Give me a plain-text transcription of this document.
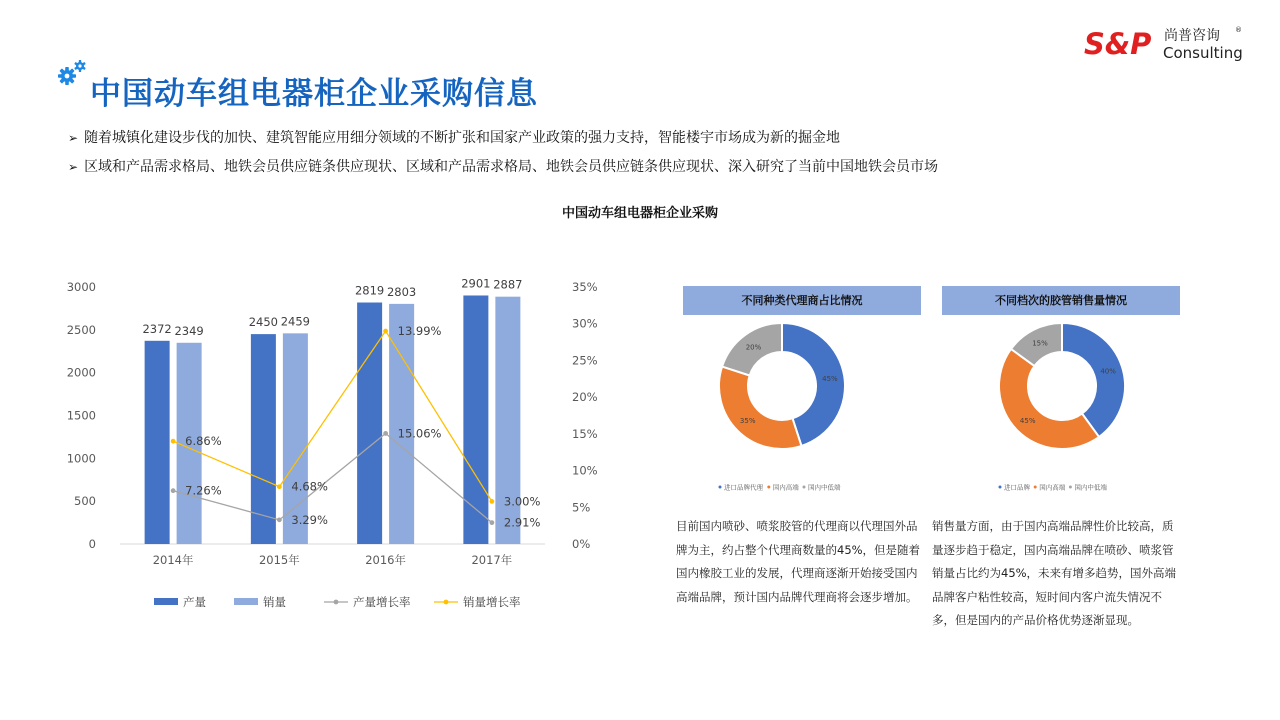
中国动车组电器柜企业采购信息
S&P 尚普咨询 ®
Consulting
➢ 随着城镇化建设步伐的加快、建筑智能应用细分领域的不断扩张和国家产业政策的强力支持，智能楼宇市场成为新的掘金地
➢ 区域和产品需求格局、地铁会员供应链条供应现状、区域和产品需求格局、地铁会员供应链条供应现状、深入研究了当前中国地铁会员市场
中国动车组电器柜企业采购
0
500
1000
1500
2000
2500
3000
0%
5%
10%
15%
20%
25%
30%
35%
2372	2450
2819
2901
2349
2459
2803
2887
7.26%
3.29%
15.06%
2.91%
6.86%
4.68%
13.99%
3.00%
2014年	2015年	2016年	2017年
产量	销量	产量增长率	销量增长率
不同种类代理商占比情况
45%
35%
20%
进口品牌代理 国内高端 国内中低端
不同档次的胶管销售量情况
40%
45%
15%
进口品牌 国内高端 国内中低端
目前国内喷砂、喷浆胶管的代理商以代理国外品牌为主，约占整个代理商数量的45%，但是随着国内橡胶工业的发展，代理商逐渐开始接受国内高端品牌，预计国内品牌代理商将会逐步增加。
销售量方面，由于国内高端品牌性价比较高，质量逐步趋于稳定，国内高端品牌在喷砂、喷浆管销量占比约为45%，未来有增多趋势，国外高端品牌客户粘性较高，短时间内客户流失情况不多，但是国内的产品价格优势逐渐显现。
